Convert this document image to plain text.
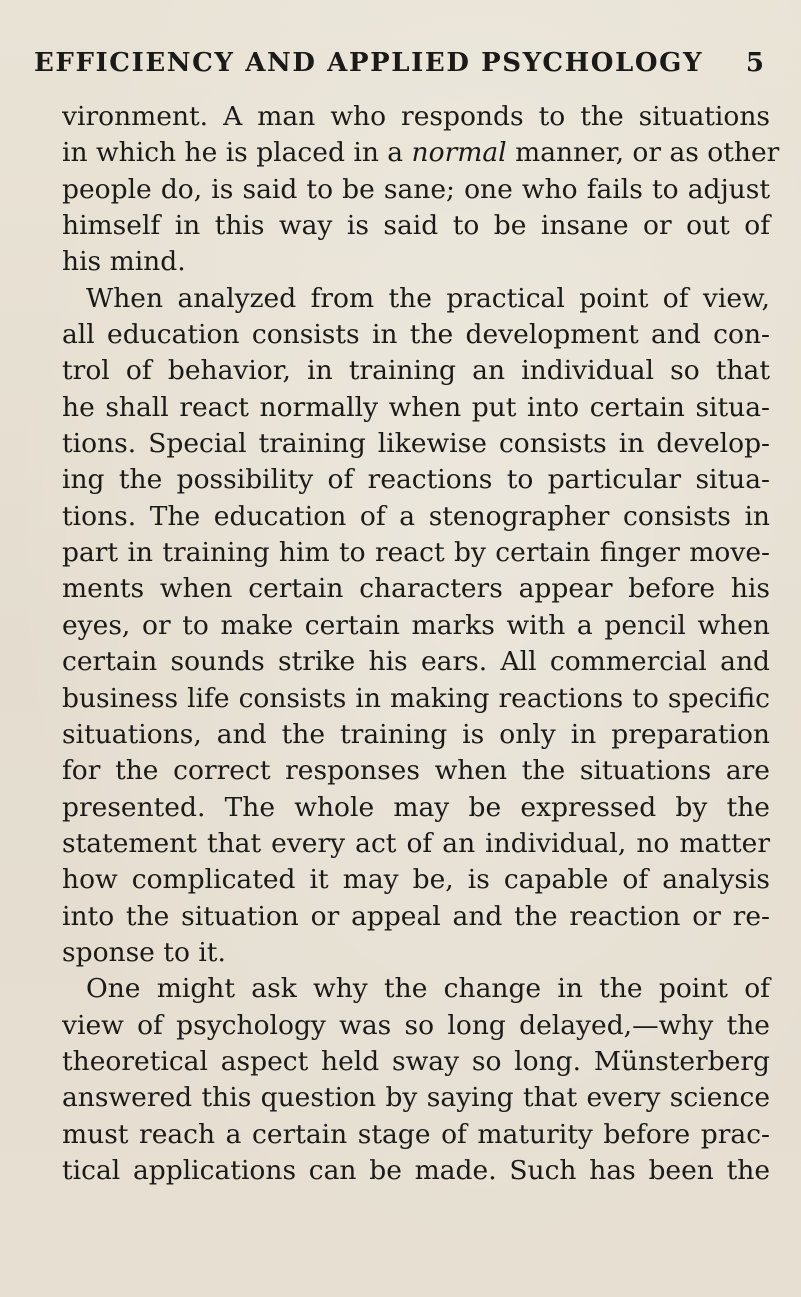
EFFICIENCY AND APPLIED PSYCHOLOGY 5
vironment. A man who responds to the situations
in which he is placed in a normal manner, or as other
people do, is said to be sane; one who fails to adjust
himself in this way is said to be insane or out of
his mind.
When analyzed from the practical point of view,
all education consists in the development and con-
trol of behavior, in training an individual so that
he shall react normally when put into certain situa-
tions. Special training likewise consists in develop-
ing the possibility of reactions to particular situa-
tions. The education of a stenographer consists in
part in training him to react by certain finger move-
ments when certain characters appear before his
eyes, or to make certain marks with a pencil when
certain sounds strike his ears. All commercial and
business life consists in making reactions to specific
situations, and the training is only in preparation
for the correct responses when the situations are
presented. The whole may be expressed by the
statement that every act of an individual, no matter
how complicated it may be, is capable of analysis
into the situation or appeal and the reaction or re-
sponse to it.
One might ask why the change in the point of
view of psychology was so long delayed,—why the
theoretical aspect held sway so long. Münsterberg
answered this question by saying that every science
must reach a certain stage of maturity before prac-
tical applications can be made. Such has been the
